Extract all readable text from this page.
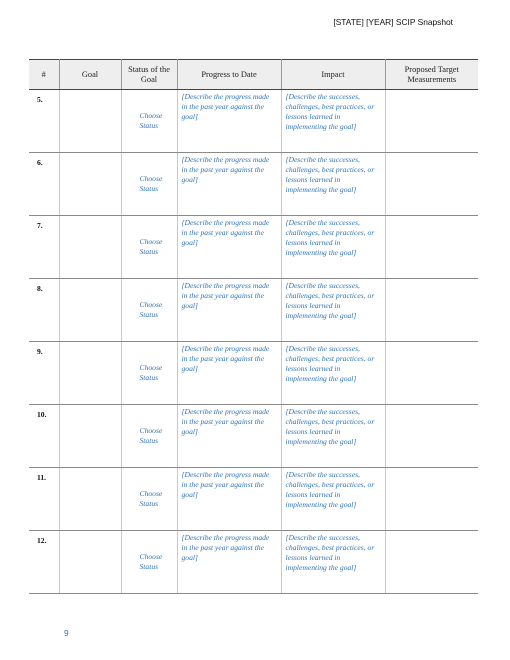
[STATE] [YEAR] SCIP Snapshot
#	Goal	Status of the Goal	Progress to Date	Impact	Proposed Target Measurements
5.		Choose Status	[Describe the progress made in the past year against the goal]	[Describe the successes, challenges, best practices, or lessons learned in implementing the goal]	
6.		Choose Status	[Describe the progress made in the past year against the goal]	[Describe the successes, challenges, best practices, or lessons learned in implementing the goal]	
7.		Choose Status	[Describe the progress made in the past year against the goal]	[Describe the successes, challenges, best practices, or lessons learned in implementing the goal]	
8.		Choose Status	[Describe the progress made in the past year against the goal]	[Describe the successes, challenges, best practices, or lessons learned in implementing the goal]	
9.		Choose Status	[Describe the progress made in the past year against the goal]	[Describe the successes, challenges, best practices, or lessons learned in implementing the goal]	
10.		Choose Status	[Describe the progress made in the past year against the goal]	[Describe the successes, challenges, best practices, or lessons learned in implementing the goal]	
11.		Choose Status	[Describe the progress made in the past year against the goal]	[Describe the successes, challenges, best practices, or lessons learned in implementing the goal]	
12.		Choose Status	[Describe the progress made in the past year against the goal]	[Describe the successes, challenges, best practices, or lessons learned in implementing the goal]	
9
